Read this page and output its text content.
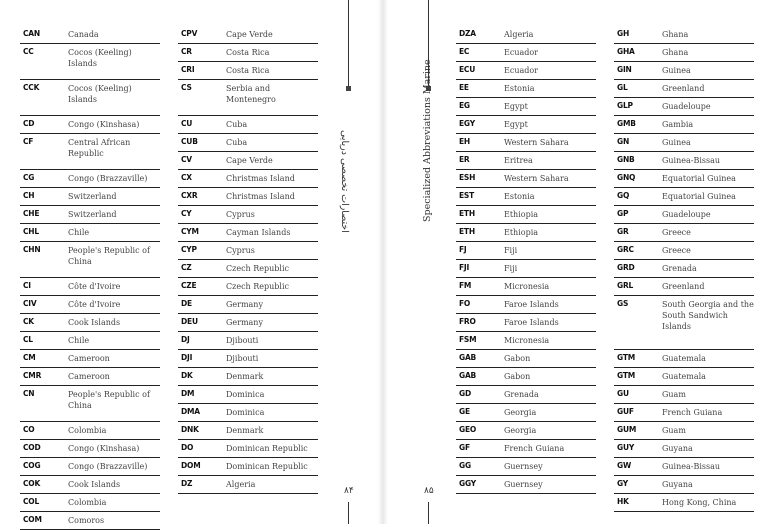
CAN	Canada
CC	Cocos (Keeling) Islands
CCK	Cocos (Keeling) Islands
CD	Congo (Kinshasa)
CF	Central African Republic
CG	Congo (Brazzaville)
CH	Switzerland
CHE	Switzerland
CHL	Chile
CHN	People's Republic of China
CI	Côte d'Ivoire
CIV	Côte d'Ivoire
CK	Cook Islands
CL	Chile
CM	Cameroon
CMR	Cameroon
CN	People's Republic of China
CO	Colombia
COD	Congo (Kinshasa)
COG	Congo (Brazzaville)
COK	Cook Islands
COL	Colombia
COM	Comoros
CPV	Cape Verde
CR	Costa Rica
CRI	Costa Rica
CS	Serbia and Montenegro
CU	Cuba
CUB	Cuba
CV	Cape Verde
CX	Christmas Island
CXR	Christmas Island
CY	Cyprus
CYM	Cayman Islands
CYP	Cyprus
CZ	Czech Republic
CZE	Czech Republic
DE	Germany
DEU	Germany
DJ	Djibouti
DJI	Djibouti
DK	Denmark
DM	Dominica
DMA	Dominica
DNK	Denmark
DO	Dominican Republic
DOM	Dominican Republic
DZ	Algeria
اختصارات تخصصی دریایی
۸۴
Specialized Abbreviations Marine
۸۵
DZA	Algeria
EC	Ecuador
ECU	Ecuador
EE	Estonia
EG	Egypt
EGY	Egypt
EH	Western Sahara
ER	Eritrea
ESH	Western Sahara
EST	Estonia
ETH	Ethiopia
ETH	Ethiopia
FJ	Fiji
FJI	Fiji
FM	Micronesia
FO	Faroe Islands
FRO	Faroe Islands
FSM	Micronesia
GAB	Gabon
GAB	Gabon
GD	Grenada
GE	Georgia
GEO	Georgia
GF	French Guiana
GG	Guernsey
GGY	Guernsey
GH	Ghana
GHA	Ghana
GIN	Guinea
GL	Greenland
GLP	Guadeloupe
GMB	Gambia
GN	Guinea
GNB	Guinea-Bissau
GNQ	Equatorial Guinea
GQ	Equatorial Guinea
GP	Guadeloupe
GR	Greece
GRC	Greece
GRD	Grenada
GRL	Greenland
GS	South Georgia and the South Sandwich Islands
GTM	Guatemala
GTM	Guatemala
GU	Guam
GUF	French Guiana
GUM	Guam
GUY	Guyana
GW	Guinea-Bissau
GY	Guyana
HK	Hong Kong, China
